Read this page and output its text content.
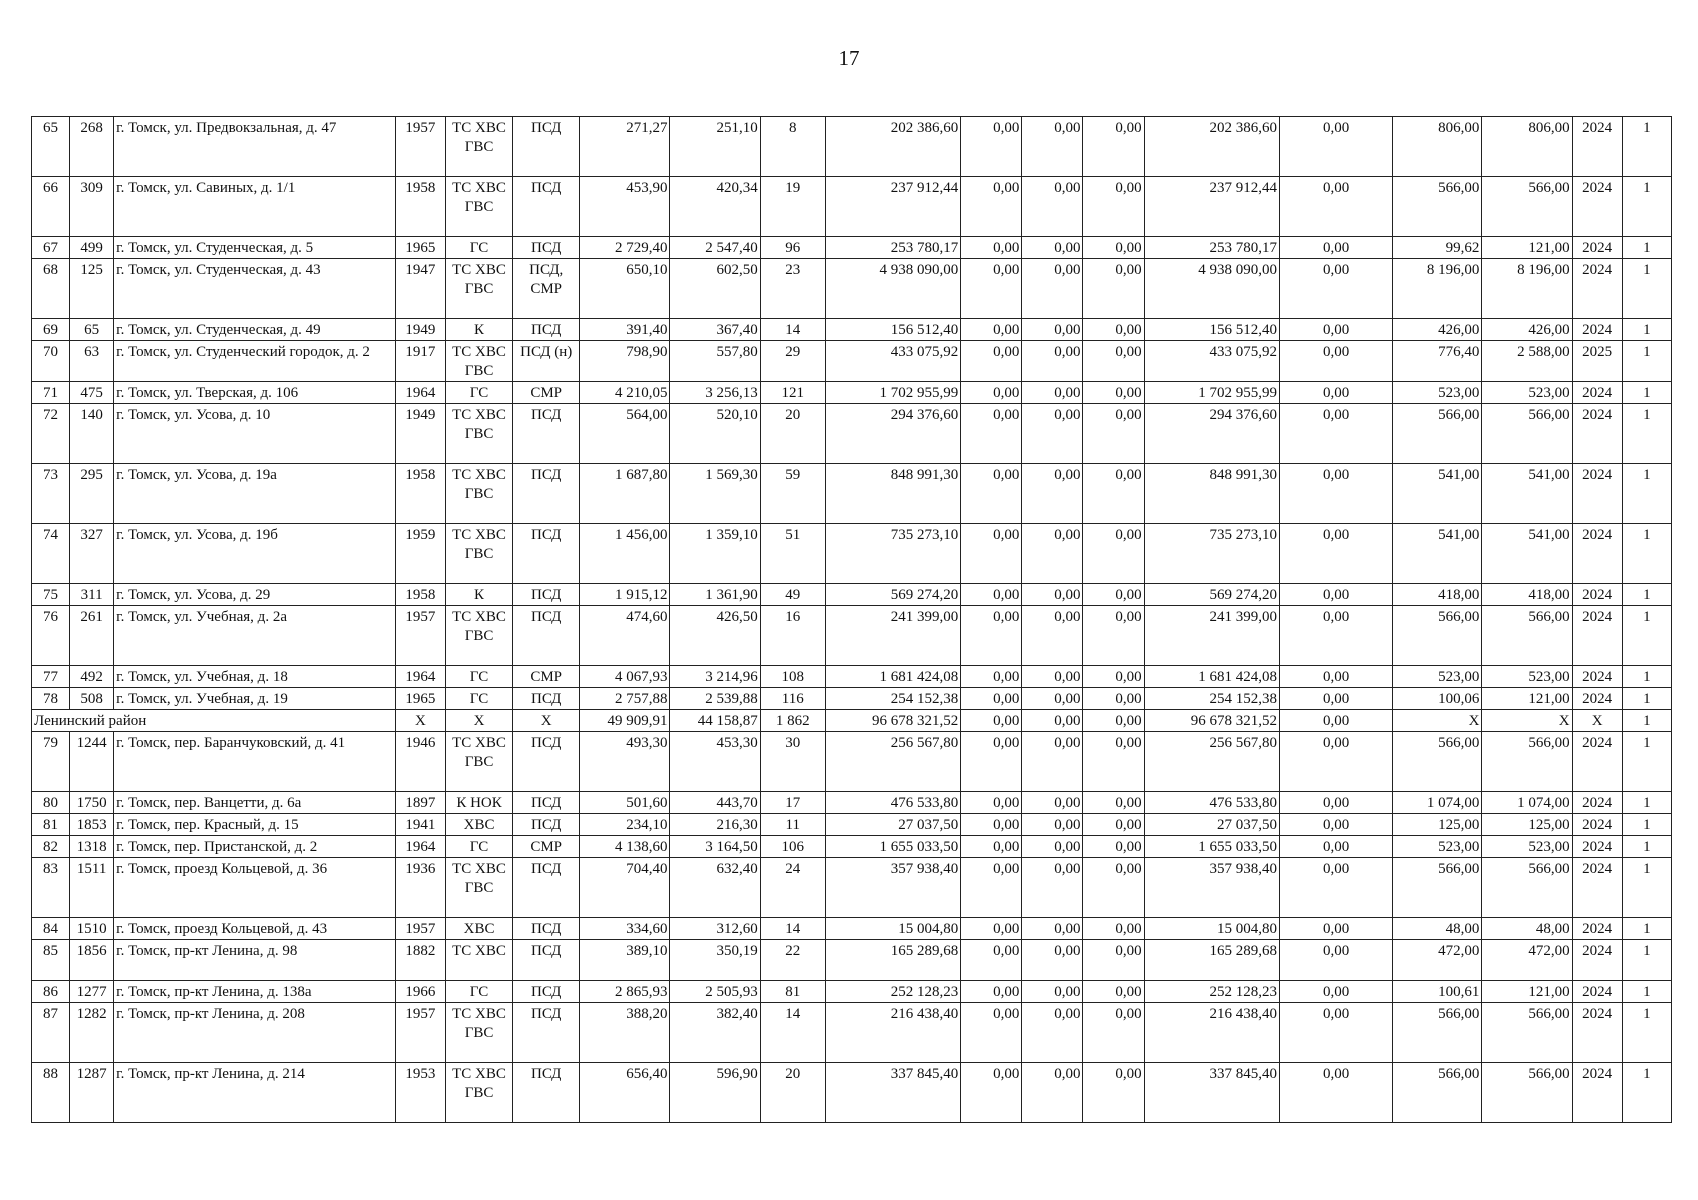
17
65	268	г. Томск, ул. Предвокзальная, д. 47	1957	ТС ХВС ГВС	ПСД	271,27	251,10	8	202 386,60	0,00	0,00	0,00	202 386,60	0,00	806,00	806,00	2024	1
66	309	г. Томск, ул. Савиных, д. 1/1	1958	ТС ХВС ГВС	ПСД	453,90	420,34	19	237 912,44	0,00	0,00	0,00	237 912,44	0,00	566,00	566,00	2024	1
67	499	г. Томск, ул. Студенческая, д. 5	1965	ГС	ПСД	2 729,40	2 547,40	96	253 780,17	0,00	0,00	0,00	253 780,17	0,00	99,62	121,00	2024	1
68	125	г. Томск, ул. Студенческая, д. 43	1947	ТС ХВС ГВС	ПСД, СМР	650,10	602,50	23	4 938 090,00	0,00	0,00	0,00	4 938 090,00	0,00	8 196,00	8 196,00	2024	1
69	65	г. Томск, ул. Студенческая, д. 49	1949	К	ПСД	391,40	367,40	14	156 512,40	0,00	0,00	0,00	156 512,40	0,00	426,00	426,00	2024	1
70	63	г. Томск, ул. Студенческий городок, д. 2	1917	ТС ХВС ГВС	ПСД (н)	798,90	557,80	29	433 075,92	0,00	0,00	0,00	433 075,92	0,00	776,40	2 588,00	2025	1
71	475	г. Томск, ул. Тверская, д. 106	1964	ГС	СМР	4 210,05	3 256,13	121	1 702 955,99	0,00	0,00	0,00	1 702 955,99	0,00	523,00	523,00	2024	1
72	140	г. Томск, ул. Усова, д. 10	1949	ТС ХВС ГВС	ПСД	564,00	520,10	20	294 376,60	0,00	0,00	0,00	294 376,60	0,00	566,00	566,00	2024	1
73	295	г. Томск, ул. Усова, д. 19а	1958	ТС ХВС ГВС	ПСД	1 687,80	1 569,30	59	848 991,30	0,00	0,00	0,00	848 991,30	0,00	541,00	541,00	2024	1
74	327	г. Томск, ул. Усова, д. 19б	1959	ТС ХВС ГВС	ПСД	1 456,00	1 359,10	51	735 273,10	0,00	0,00	0,00	735 273,10	0,00	541,00	541,00	2024	1
75	311	г. Томск, ул. Усова, д. 29	1958	К	ПСД	1 915,12	1 361,90	49	569 274,20	0,00	0,00	0,00	569 274,20	0,00	418,00	418,00	2024	1
76	261	г. Томск, ул. Учебная, д. 2а	1957	ТС ХВС ГВС	ПСД	474,60	426,50	16	241 399,00	0,00	0,00	0,00	241 399,00	0,00	566,00	566,00	2024	1
77	492	г. Томск, ул. Учебная, д. 18	1964	ГС	СМР	4 067,93	3 214,96	108	1 681 424,08	0,00	0,00	0,00	1 681 424,08	0,00	523,00	523,00	2024	1
78	508	г. Томск, ул. Учебная, д. 19	1965	ГС	ПСД	2 757,88	2 539,88	116	254 152,38	0,00	0,00	0,00	254 152,38	0,00	100,06	121,00	2024	1
Ленинский район			X	X	X	49 909,91	44 158,87	1 862	96 678 321,52	0,00	0,00	0,00	96 678 321,52	0,00	X	X	X	1
79	1244	г. Томск, пер. Баранчуковский, д. 41	1946	ТС ХВС ГВС	ПСД	493,30	453,30	30	256 567,80	0,00	0,00	0,00	256 567,80	0,00	566,00	566,00	2024	1
80	1750	г. Томск, пер. Ванцетти, д. 6а	1897	К НОК	ПСД	501,60	443,70	17	476 533,80	0,00	0,00	0,00	476 533,80	0,00	1 074,00	1 074,00	2024	1
81	1853	г. Томск, пер. Красный, д. 15	1941	ХВС	ПСД	234,10	216,30	11	27 037,50	0,00	0,00	0,00	27 037,50	0,00	125,00	125,00	2024	1
82	1318	г. Томск, пер. Пристанской, д. 2	1964	ГС	СМР	4 138,60	3 164,50	106	1 655 033,50	0,00	0,00	0,00	1 655 033,50	0,00	523,00	523,00	2024	1
83	1511	г. Томск, проезд Кольцевой, д. 36	1936	ТС ХВС ГВС	ПСД	704,40	632,40	24	357 938,40	0,00	0,00	0,00	357 938,40	0,00	566,00	566,00	2024	1
84	1510	г. Томск, проезд Кольцевой, д. 43	1957	ХВС	ПСД	334,60	312,60	14	15 004,80	0,00	0,00	0,00	15 004,80	0,00	48,00	48,00	2024	1
85	1856	г. Томск, пр-кт Ленина, д. 98	1882	ТС ХВС	ПСД	389,10	350,19	22	165 289,68	0,00	0,00	0,00	165 289,68	0,00	472,00	472,00	2024	1
86	1277	г. Томск, пр-кт Ленина, д. 138а	1966	ГС	ПСД	2 865,93	2 505,93	81	252 128,23	0,00	0,00	0,00	252 128,23	0,00	100,61	121,00	2024	1
87	1282	г. Томск, пр-кт Ленина, д. 208	1957	ТС ХВС ГВС	ПСД	388,20	382,40	14	216 438,40	0,00	0,00	0,00	216 438,40	0,00	566,00	566,00	2024	1
88	1287	г. Томск, пр-кт Ленина, д. 214	1953	ТС ХВС ГВС	ПСД	656,40	596,90	20	337 845,40	0,00	0,00	0,00	337 845,40	0,00	566,00	566,00	2024	1
